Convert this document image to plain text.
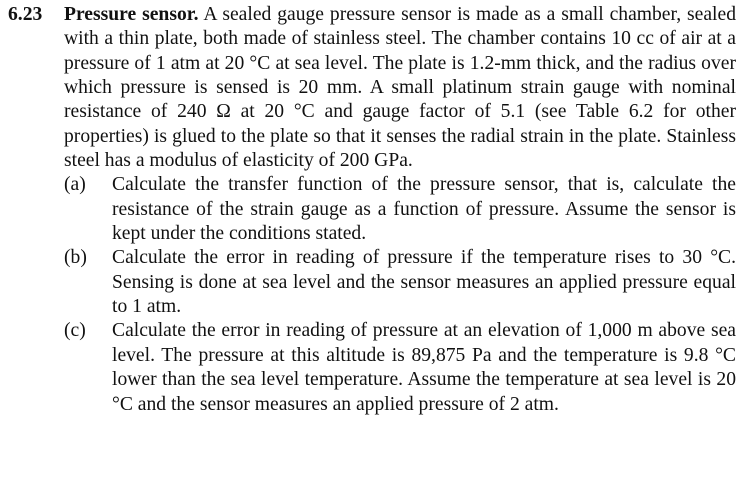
6.23	Pressure sensor. A sealed gauge pressure sensor is made as a small chamber, sealed with a thin plate, both made of stainless steel. The chamber contains 10 cc of air at a pressure of 1 atm at 20 °C at sea level. The plate is 1.2-mm thick, and the radius over which pressure is sensed is 20 mm. A small platinum strain gauge with nominal resistance of 240 Ω at 20 °C and gauge factor of 5.1 (see Table 6.2 for other properties) is glued to the plate so that it senses the radial strain in the plate. Stainless steel has a modulus of elasticity of 200 GPa.
(a)	Calculate the transfer function of the pressure sensor, that is, calculate the resistance of the strain gauge as a function of pressure. Assume the sensor is kept under the conditions stated.
(b)	Calculate the error in reading of pressure if the temperature rises to 30 °C. Sensing is done at sea level and the sensor measures an applied pressure equal to 1 atm.
(c)	Calculate the error in reading of pressure at an elevation of 1,000 m above sea level. The pressure at this altitude is 89,875 Pa and the temperature is 9.8 °C lower than the sea level temperature. Assume the temperature at sea level is 20 °C and the sensor measures an applied pressure of 2 atm.
